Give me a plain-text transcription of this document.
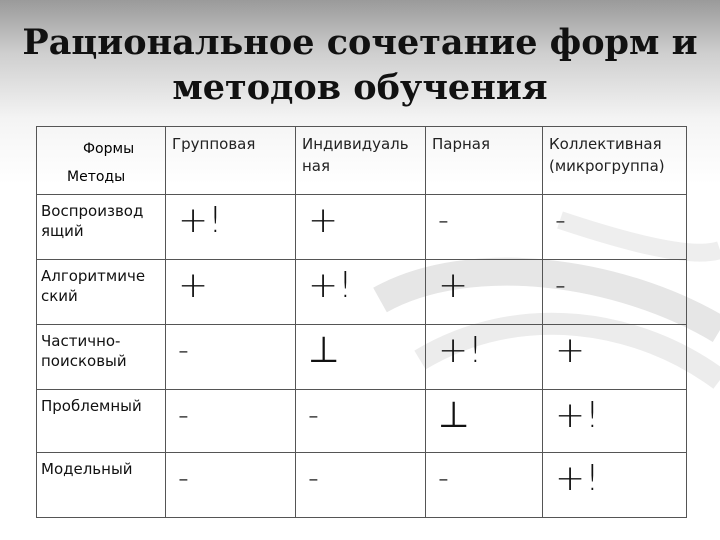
Рациональное сочетание форм и
методов обучения
Формы
Методы	Групповая	Индивидуаль ная	Парная	Коллективная (микрогруппа)
Воспроизвод ящий	+!	+	-	-
Алгоритмиче ский	+	+!	+	-
Частично-поисковый	-	⊥	+!	+
Проблемный	-	-	⊥	+!
Модельный	-	-	-	+!
